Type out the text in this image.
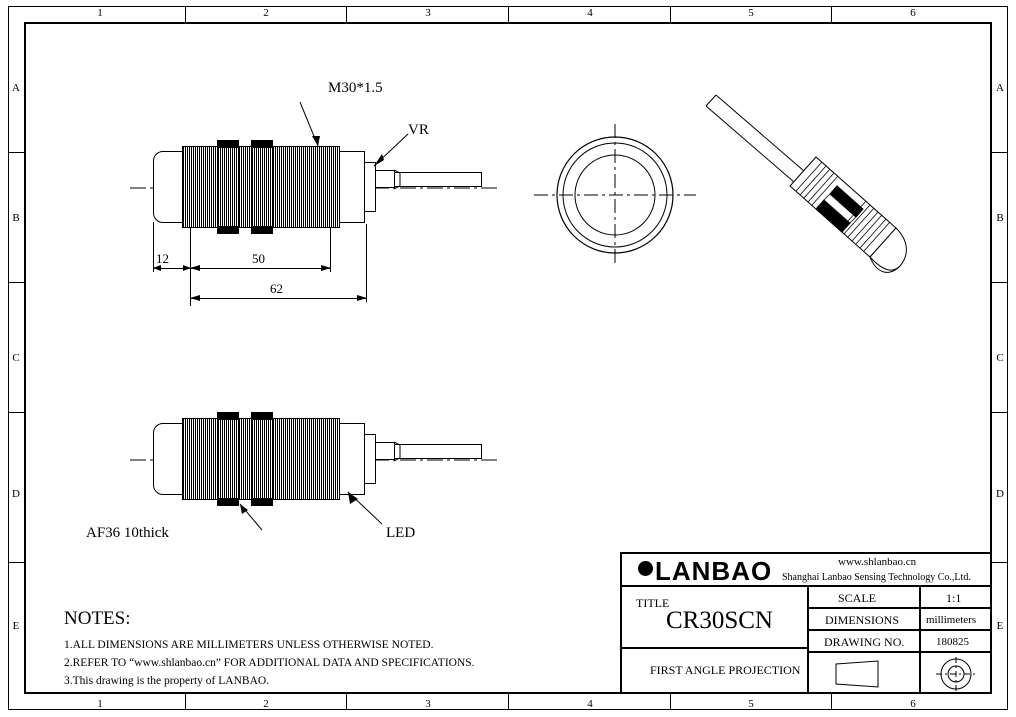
1	2	3	4	5	6
1	2	3	4	5	6
A
B
C
D
E
A
B
C
D
E
M30*1.5
VR
12	50
62
AF36 10thick	LED
NOTES:
1.ALL DIMENSIONS ARE MILLIMETERS UNLESS OTHERWISE NOTED.
2.REFER TO “www.shlanbao.cn” FOR ADDITIONAL DATA AND SPECIFICATIONS.
3.This drawing is the property of LANBAO.
LANBAO	www.shlanbao.cn
Shanghai Lanbao Sensing Technology Co.,Ltd.
TITLE
CR30SCN
FIRST ANGLE PROJECTION
SCALE	1:1
DIMENSIONS millimeters
DRAWING NO.	180825
